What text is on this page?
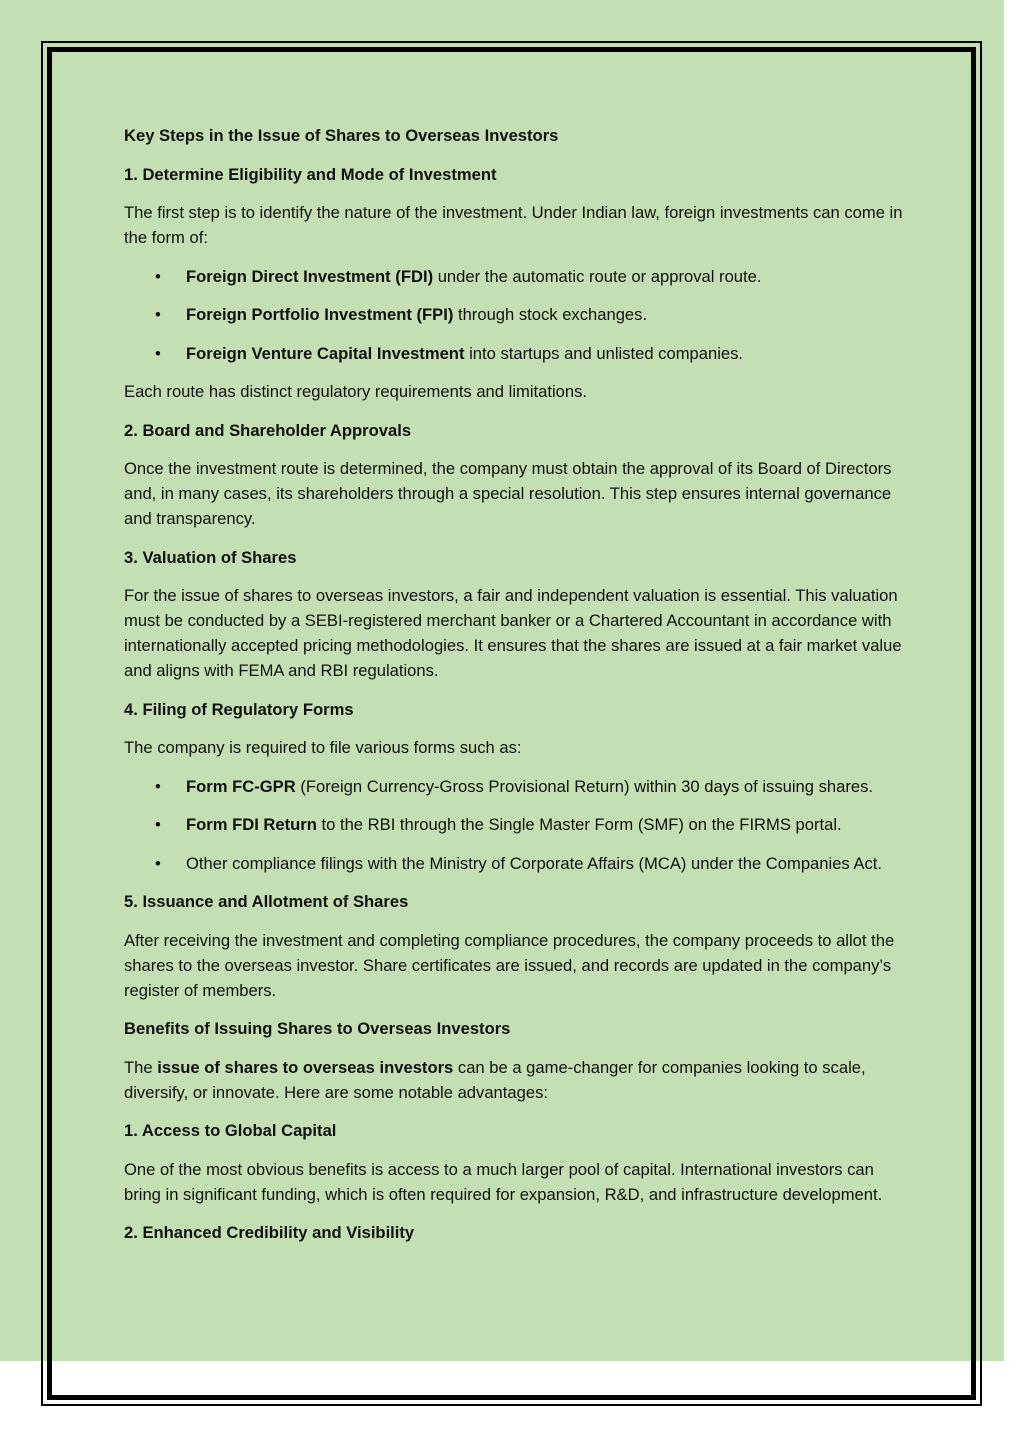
Key Steps in the Issue of Shares to Overseas Investors

1. Determine Eligibility and Mode of Investment

The first step is to identify the nature of the investment. Under Indian law, foreign investments can come in the form of:

• Foreign Direct Investment (FDI) under the automatic route or approval route.
• Foreign Portfolio Investment (FPI) through stock exchanges.
• Foreign Venture Capital Investment into startups and unlisted companies.

Each route has distinct regulatory requirements and limitations.

2. Board and Shareholder Approvals

Once the investment route is determined, the company must obtain the approval of its Board of Directors and, in many cases, its shareholders through a special resolution. This step ensures internal governance and transparency.

3. Valuation of Shares

For the issue of shares to overseas investors, a fair and independent valuation is essential. This valuation must be conducted by a SEBI-registered merchant banker or a Chartered Accountant in accordance with internationally accepted pricing methodologies. It ensures that the shares are issued at a fair market value and aligns with FEMA and RBI regulations.

4. Filing of Regulatory Forms

The company is required to file various forms such as:

• Form FC-GPR (Foreign Currency-Gross Provisional Return) within 30 days of issuing shares.
• Form FDI Return to the RBI through the Single Master Form (SMF) on the FIRMS portal.
• Other compliance filings with the Ministry of Corporate Affairs (MCA) under the Companies Act.

5. Issuance and Allotment of Shares

After receiving the investment and completing compliance procedures, the company proceeds to allot the shares to the overseas investor. Share certificates are issued, and records are updated in the company’s register of members.

Benefits of Issuing Shares to Overseas Investors

The issue of shares to overseas investors can be a game-changer for companies looking to scale, diversify, or innovate. Here are some notable advantages:

1. Access to Global Capital

One of the most obvious benefits is access to a much larger pool of capital. International investors can bring in significant funding, which is often required for expansion, R&D, and infrastructure development.

2. Enhanced Credibility and Visibility
